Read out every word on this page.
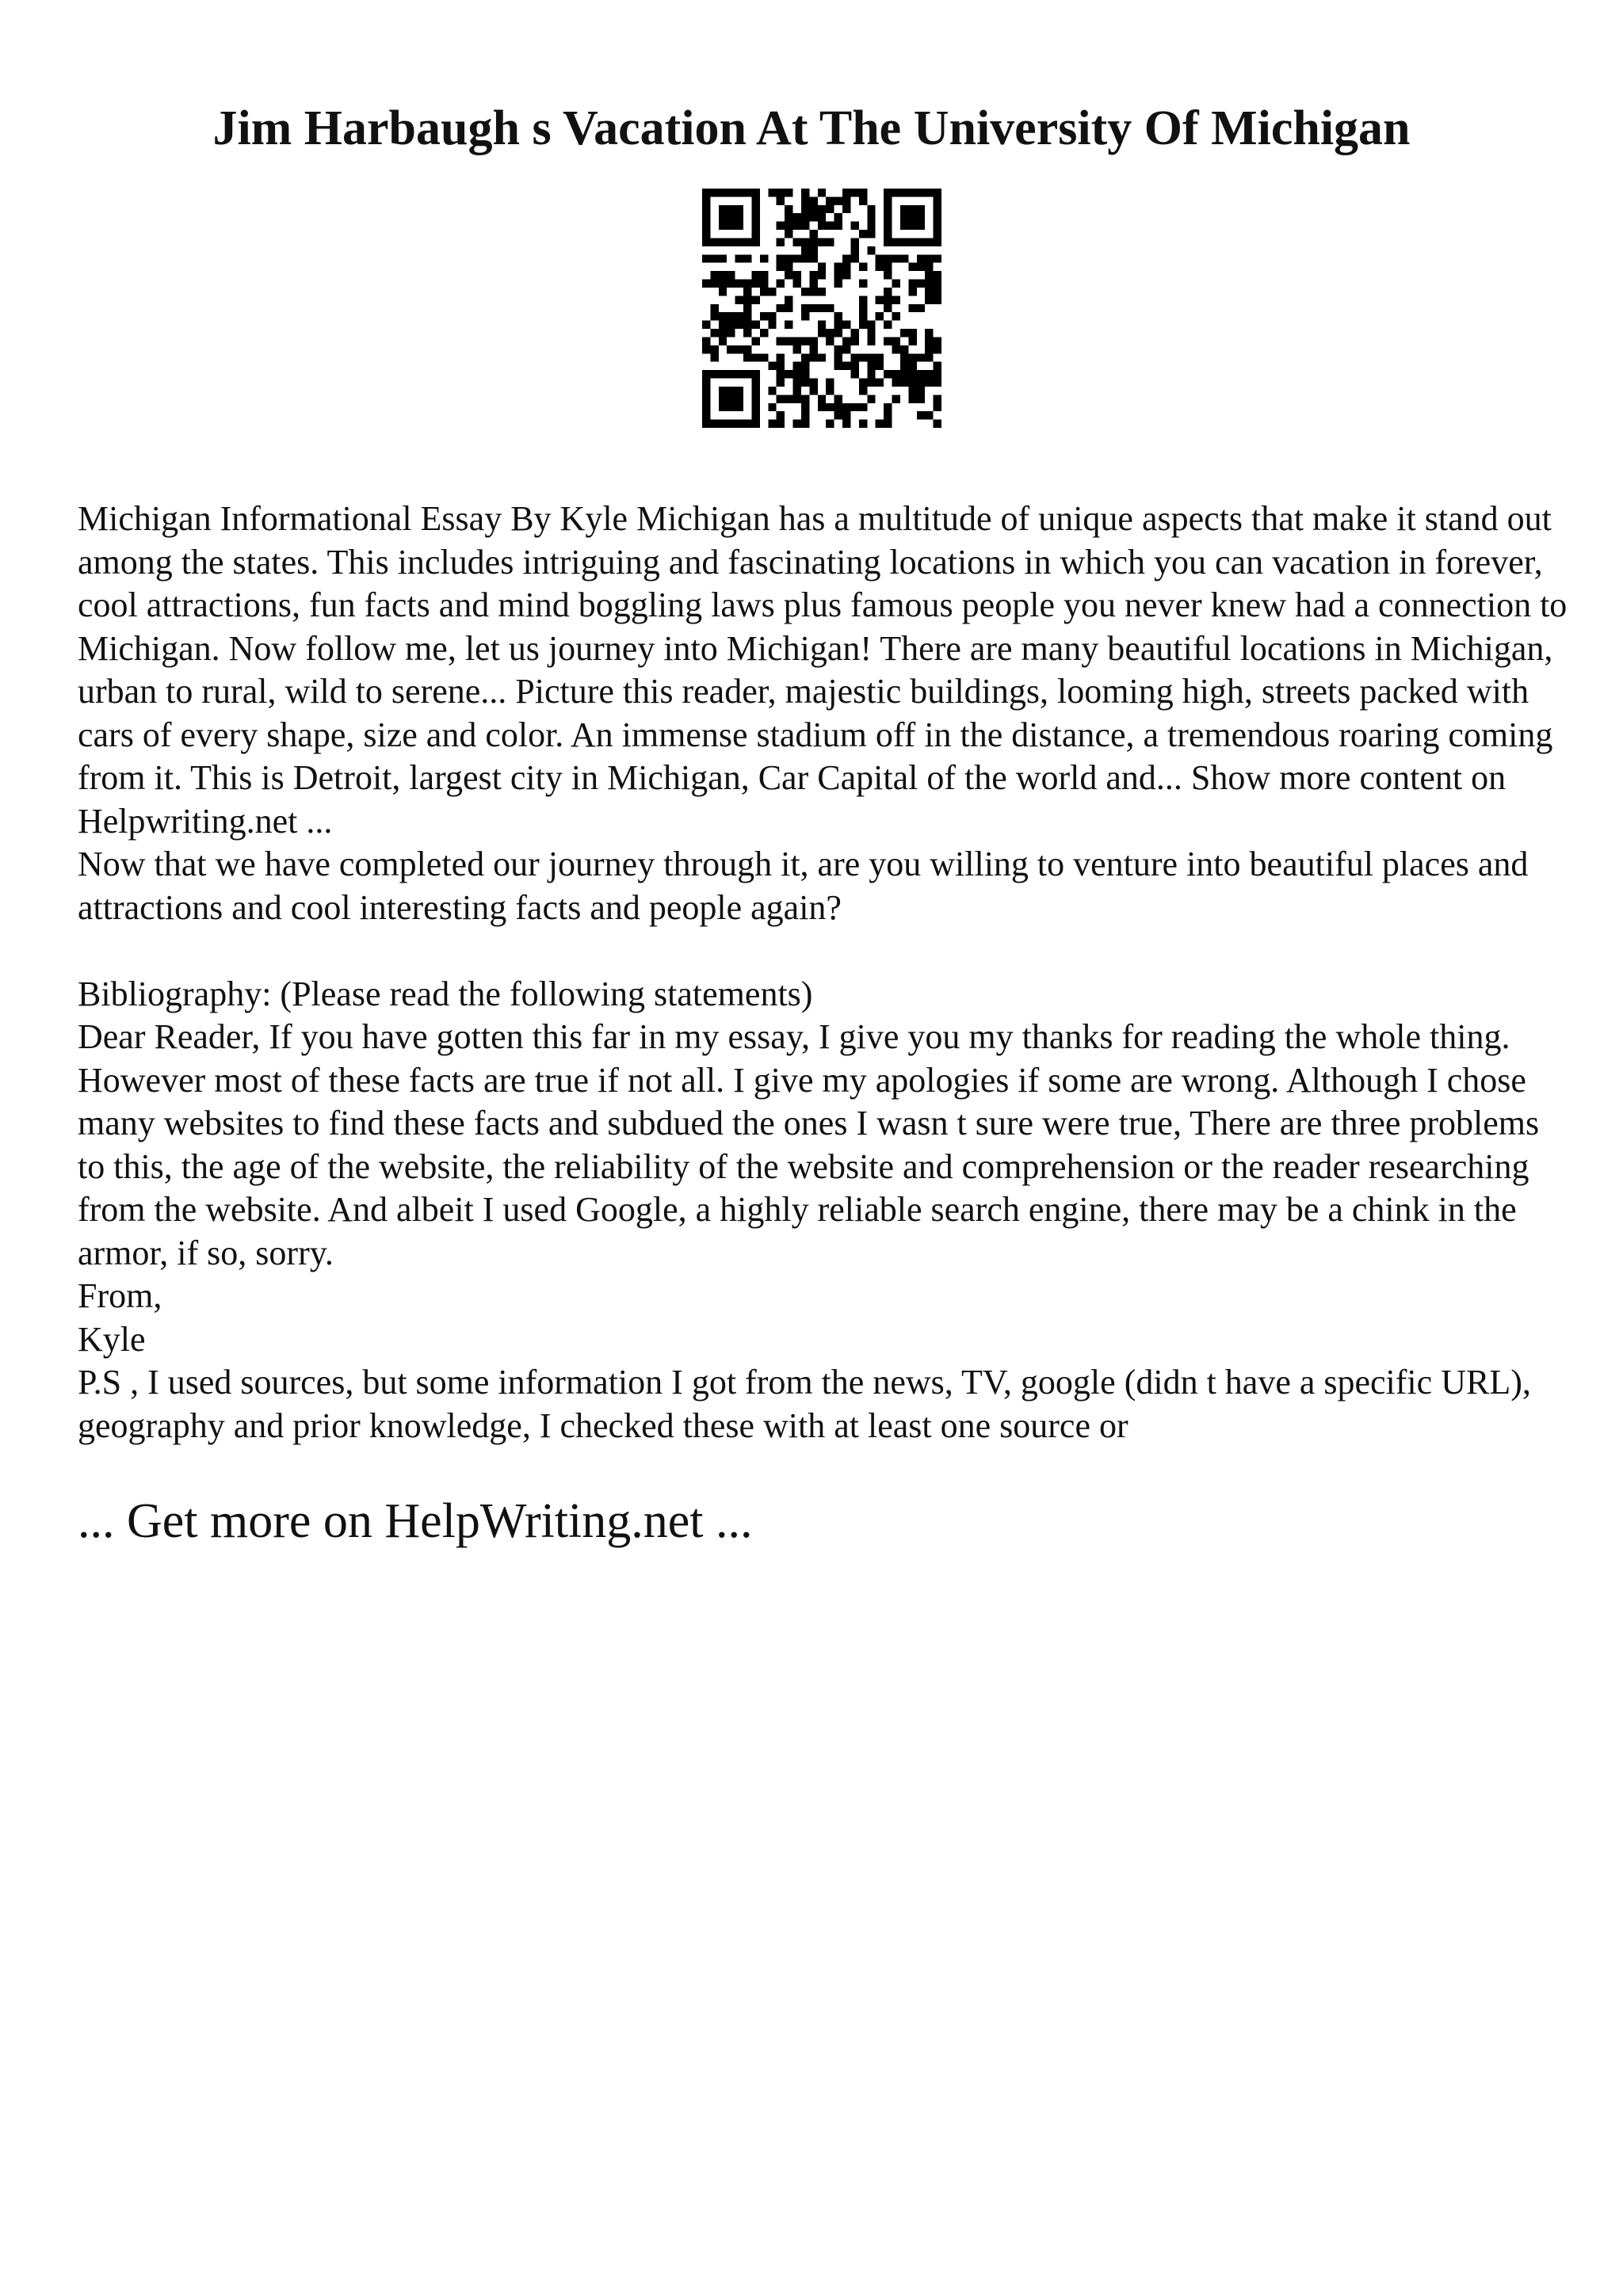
Jim Harbaugh s Vacation At The University Of Michigan

Michigan Informational Essay By Kyle Michigan has a multitude of unique aspects that make it stand out among the states. This includes intriguing and fascinating locations in which you can vacation in forever, cool attractions, fun facts and mind boggling laws plus famous people you never knew had a connection to Michigan. Now follow me, let us journey into Michigan! There are many beautiful locations in Michigan, urban to rural, wild to serene... Picture this reader, majestic buildings, looming high, streets packed with cars of every shape, size and color. An immense stadium off in the distance, a tremendous roaring coming from it. This is Detroit, largest city in Michigan, Car Capital of the world and... Show more content on Helpwriting.net ...

Now that we have completed our journey through it, are you willing to venture into beautiful places and attractions and cool interesting facts and people again?

Bibliography: (Please read the following statements)

Dear Reader, If you have gotten this far in my essay, I give you my thanks for reading the whole thing. However most of these facts are true if not all. I give my apologies if some are wrong. Although I chose many websites to find these facts and subdued the ones I wasn t sure were true, There are three problems to this, the age of the website, the reliability of the website and comprehension or the reader researching from the website. And albeit I used Google, a highly reliable search engine, there may be a chink in the armor, if so, sorry.

From,

Kyle

P.S , I used sources, but some information I got from the news, TV, google (didn t have a specific URL), geography and prior knowledge, I checked these with at least one source or

... Get more on HelpWriting.net ...
